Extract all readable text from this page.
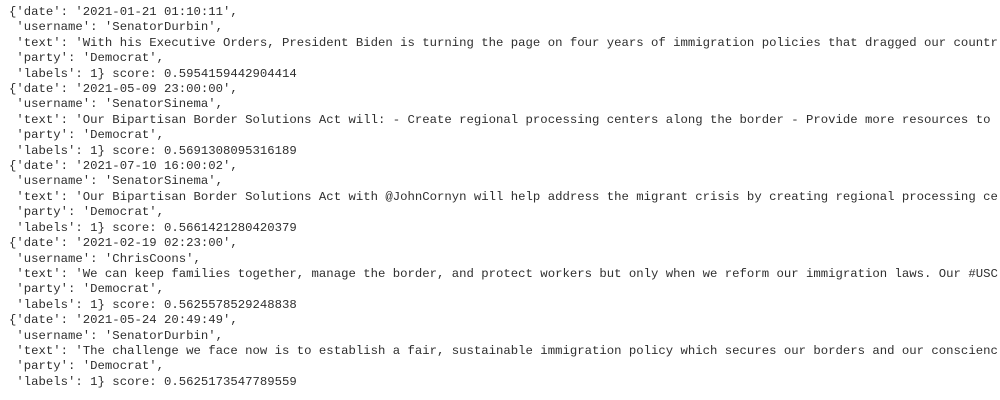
{'date': '2021-01-21 01:10:11',
'username': 'SenatorDurbin',
'text': 'With his Executive Orders, President Biden is turning the page on four years of immigration policies that dragged our countr
'party': 'Democrat',
'labels': 1} score: 0.5954159442904414
{'date': '2021-05-09 23:00:00',
'username': 'SenatorSinema',
'text': 'Our Bipartisan Border Solutions Act will: - Create regional processing centers along the border - Provide more resources to
'party': 'Democrat',
'labels': 1} score: 0.5691308095316189
{'date': '2021-07-10 16:00:02',
'username': 'SenatorSinema',
'text': 'Our Bipartisan Border Solutions Act with @JohnCornyn will help address the migrant crisis by creating regional processing ce
'party': 'Democrat',
'labels': 1} score: 0.5661421280420379
{'date': '2021-02-19 02:23:00',
'username': 'ChrisCoons',
'text': 'We can keep families together, manage the border, and protect workers but only when we reform our immigration laws. Our #USC
'party': 'Democrat',
'labels': 1} score: 0.5625578529248838
{'date': '2021-05-24 20:49:49',
'username': 'SenatorDurbin',
'text': 'The challenge we face now is to establish a fair, sustainable immigration policy which secures our borders and our conscienc
'party': 'Democrat',
'labels': 1} score: 0.5625173547789559
